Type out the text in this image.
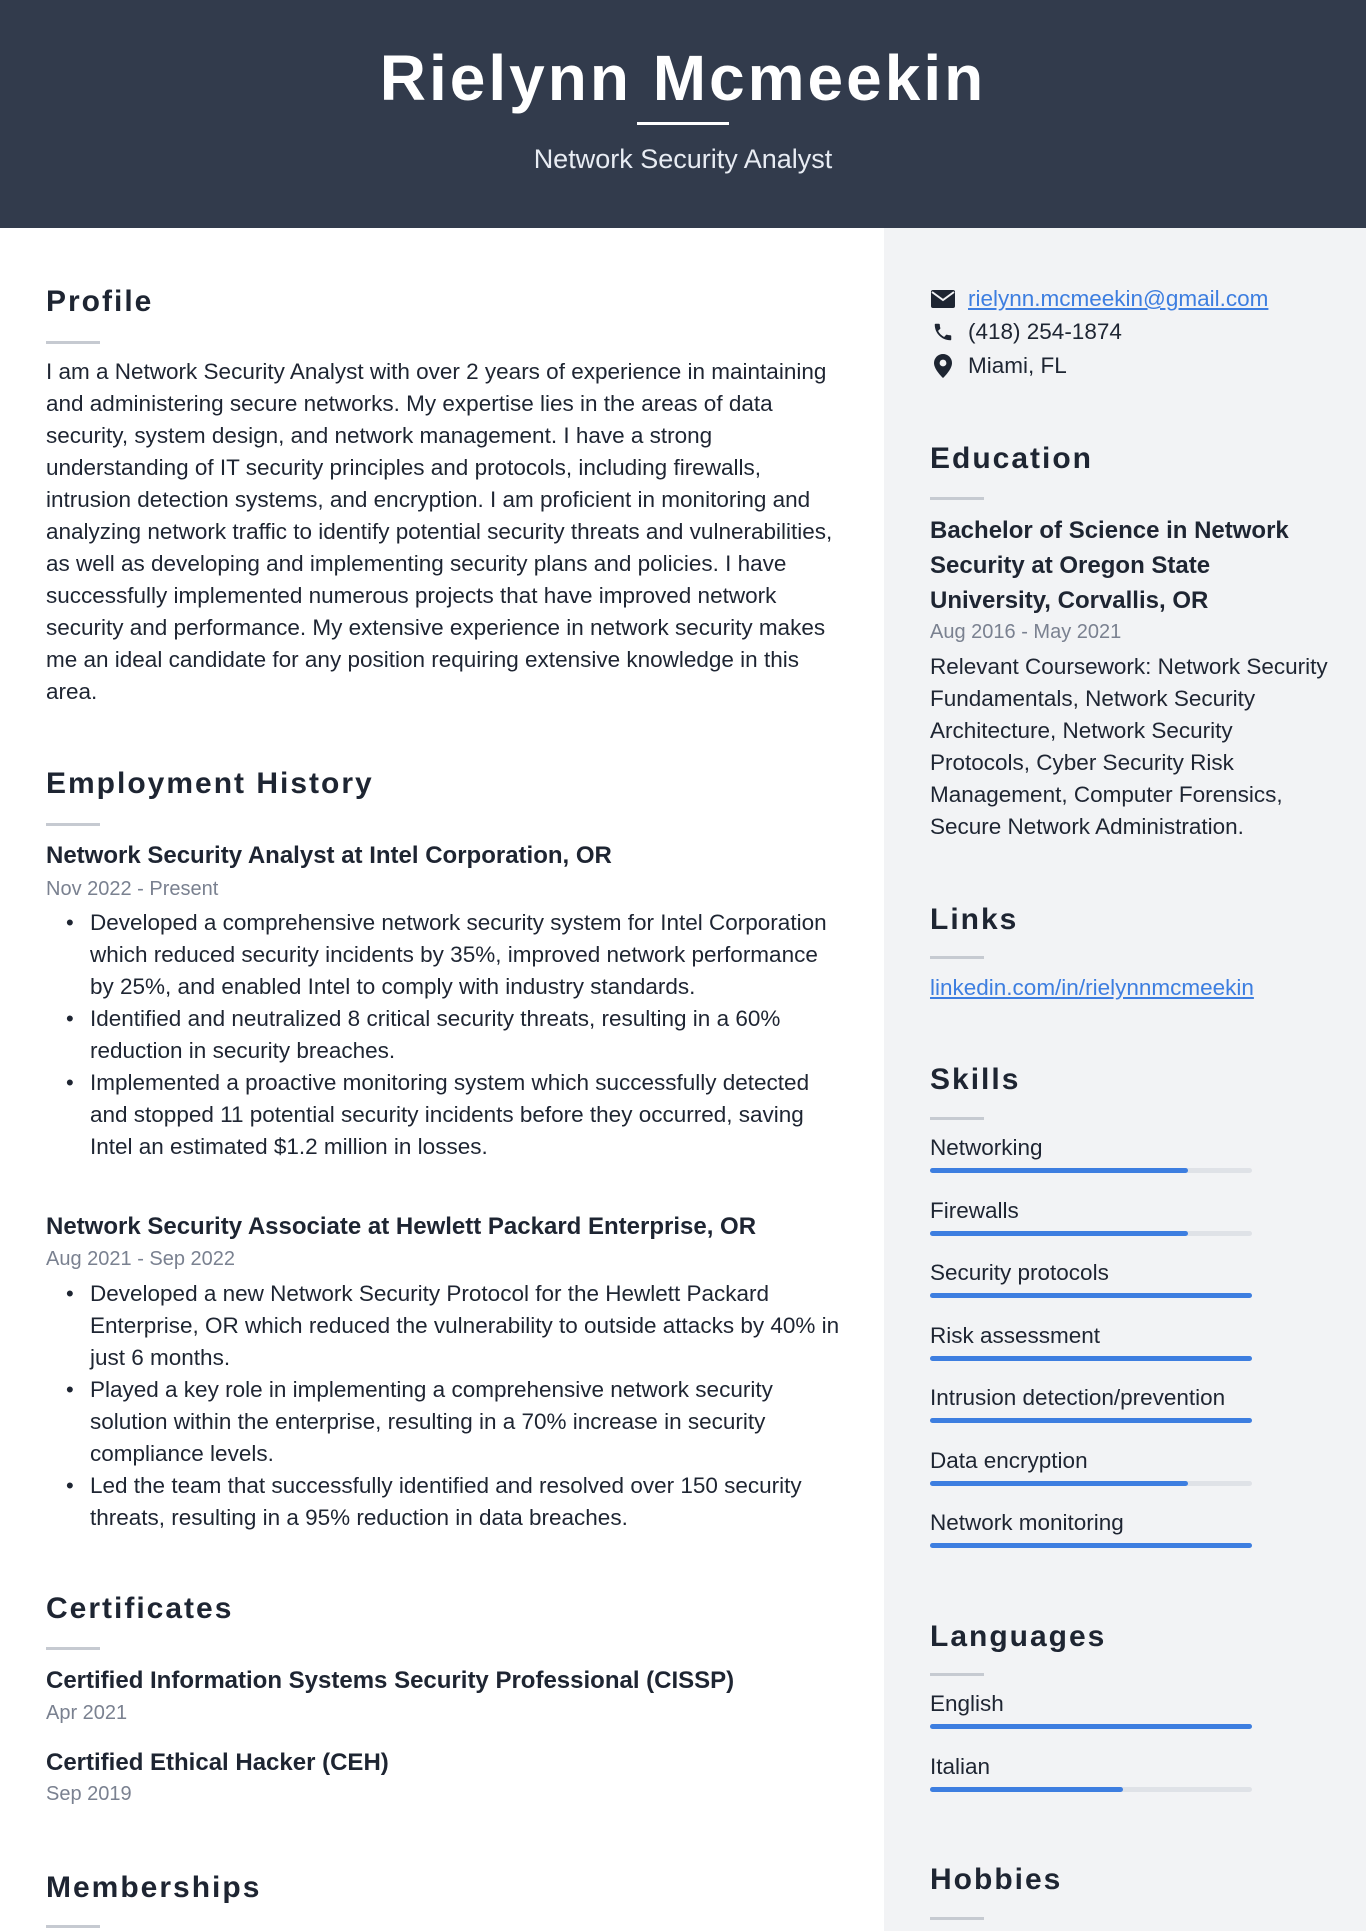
Rielynn Mcmeekin
Network Security Analyst
Profile
I am a Network Security Analyst with over 2 years of experience in maintaining and administering secure networks. My expertise lies in the areas of data security, system design, and network management. I have a strong understanding of IT security principles and protocols, including firewalls, intrusion detection systems, and encryption. I am proficient in monitoring and analyzing network traffic to identify potential security threats and vulnerabilities, as well as developing and implementing security plans and policies. I have successfully implemented numerous projects that have improved network security and performance. My extensive experience in network security makes me an ideal candidate for any position requiring extensive knowledge in this area.
Employment History
Network Security Analyst at Intel Corporation, OR
Nov 2022 - Present
• Developed a comprehensive network security system for Intel Corporation which reduced security incidents by 35%, improved network performance by 25%, and enabled Intel to comply with industry standards.
• Identified and neutralized 8 critical security threats, resulting in a 60% reduction in security breaches.
• Implemented a proactive monitoring system which successfully detected and stopped 11 potential security incidents before they occurred, saving Intel an estimated $1.2 million in losses.
Network Security Associate at Hewlett Packard Enterprise, OR
Aug 2021 - Sep 2022
• Developed a new Network Security Protocol for the Hewlett Packard Enterprise, OR which reduced the vulnerability to outside attacks by 40% in just 6 months.
• Played a key role in implementing a comprehensive network security solution within the enterprise, resulting in a 70% increase in security compliance levels.
• Led the team that successfully identified and resolved over 150 security threats, resulting in a 95% reduction in data breaches.
Certificates
Certified Information Systems Security Professional (CISSP)
Apr 2021
Certified Ethical Hacker (CEH)
Sep 2019
Memberships
rielynn.mcmeekin@gmail.com
(418) 254-1874
Miami, FL
Education
Bachelor of Science in Network Security at Oregon State University, Corvallis, OR
Aug 2016 - May 2021
Relevant Coursework: Network Security Fundamentals, Network Security Architecture, Network Security Protocols, Cyber Security Risk Management, Computer Forensics, Secure Network Administration.
Links
linkedin.com/in/rielynnmcmeekin
Skills
Networking
Firewalls
Security protocols
Risk assessment
Intrusion detection/prevention
Data encryption
Network monitoring
Languages
English
Italian
Hobbies
